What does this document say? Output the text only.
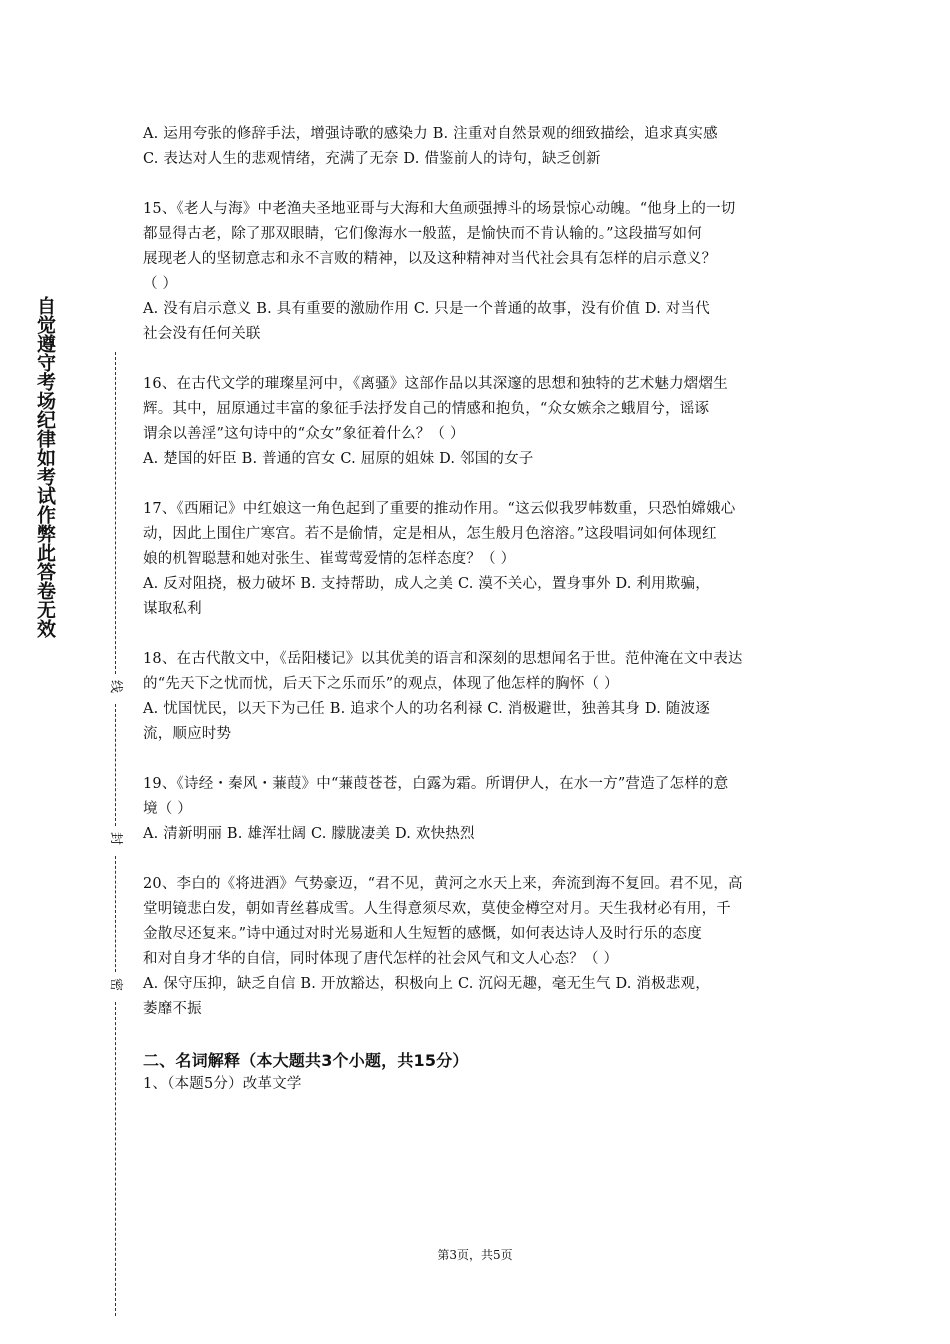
自觉遵守考场纪律如考试作弊此答卷无效
线
封
密
A. 运用夸张的修辞手法，增强诗歌的感染力 B. 注重对自然景观的细致描绘，追求真实感
C. 表达对人生的悲观情绪，充满了无奈 D. 借鉴前人的诗句，缺乏创新
15、《老人与海》中老渔夫圣地亚哥与大海和大鱼顽强搏斗的场景惊心动魄。“他身上的一切
都显得古老，除了那双眼睛，它们像海水一般蓝，是愉快而不肯认输的。”这段描写如何
展现老人的坚韧意志和永不言败的精神，以及这种精神对当代社会具有怎样的启示意义？
（ ）
A. 没有启示意义 B. 具有重要的激励作用 C. 只是一个普通的故事，没有价值 D. 对当代
社会没有任何关联
16、在古代文学的璀璨星河中，《离骚》这部作品以其深邃的思想和独特的艺术魅力熠熠生
辉。其中，屈原通过丰富的象征手法抒发自己的情感和抱负，“众女嫉余之蛾眉兮，谣诼
谓余以善淫”这句诗中的“众女”象征着什么？（ ）
A. 楚国的奸臣 B. 普通的宫女 C. 屈原的姐妹 D. 邻国的女子
17、《西厢记》中红娘这一角色起到了重要的推动作用。“这云似我罗帏数重，只恐怕嫦娥心
动，因此上围住广寒宫。若不是偷情，定是相从，怎生般月色溶溶。”这段唱词如何体现红
娘的机智聪慧和她对张生、崔莺莺爱情的怎样态度？（ ）
A. 反对阻挠，极力破坏 B. 支持帮助，成人之美 C. 漠不关心，置身事外 D. 利用欺骗，
谋取私利
18、在古代散文中，《岳阳楼记》以其优美的语言和深刻的思想闻名于世。范仲淹在文中表达
的“先天下之忧而忧，后天下之乐而乐”的观点，体现了他怎样的胸怀（ ）
A. 忧国忧民，以天下为己任 B. 追求个人的功名利禄 C. 消极避世，独善其身 D. 随波逐
流，顺应时势
19、《诗经・秦风・蒹葭》中“蒹葭苍苍，白露为霜。所谓伊人，在水一方”营造了怎样的意
境（ ）
A. 清新明丽 B. 雄浑壮阔 C. 朦胧凄美 D. 欢快热烈
20、李白的《将进酒》气势豪迈，“君不见，黄河之水天上来，奔流到海不复回。君不见，高
堂明镜悲白发，朝如青丝暮成雪。人生得意须尽欢，莫使金樽空对月。天生我材必有用，千
金散尽还复来。”诗中通过对时光易逝和人生短暂的感慨，如何表达诗人及时行乐的态度
和对自身才华的自信，同时体现了唐代怎样的社会风气和文人心态？（ ）
A. 保守压抑，缺乏自信 B. 开放豁达，积极向上 C. 沉闷无趣，毫无生气 D. 消极悲观，
萎靡不振
二、名词解释（本大题共3个小题，共15分）
1、（本题5分）改革文学
第3页，共5页
